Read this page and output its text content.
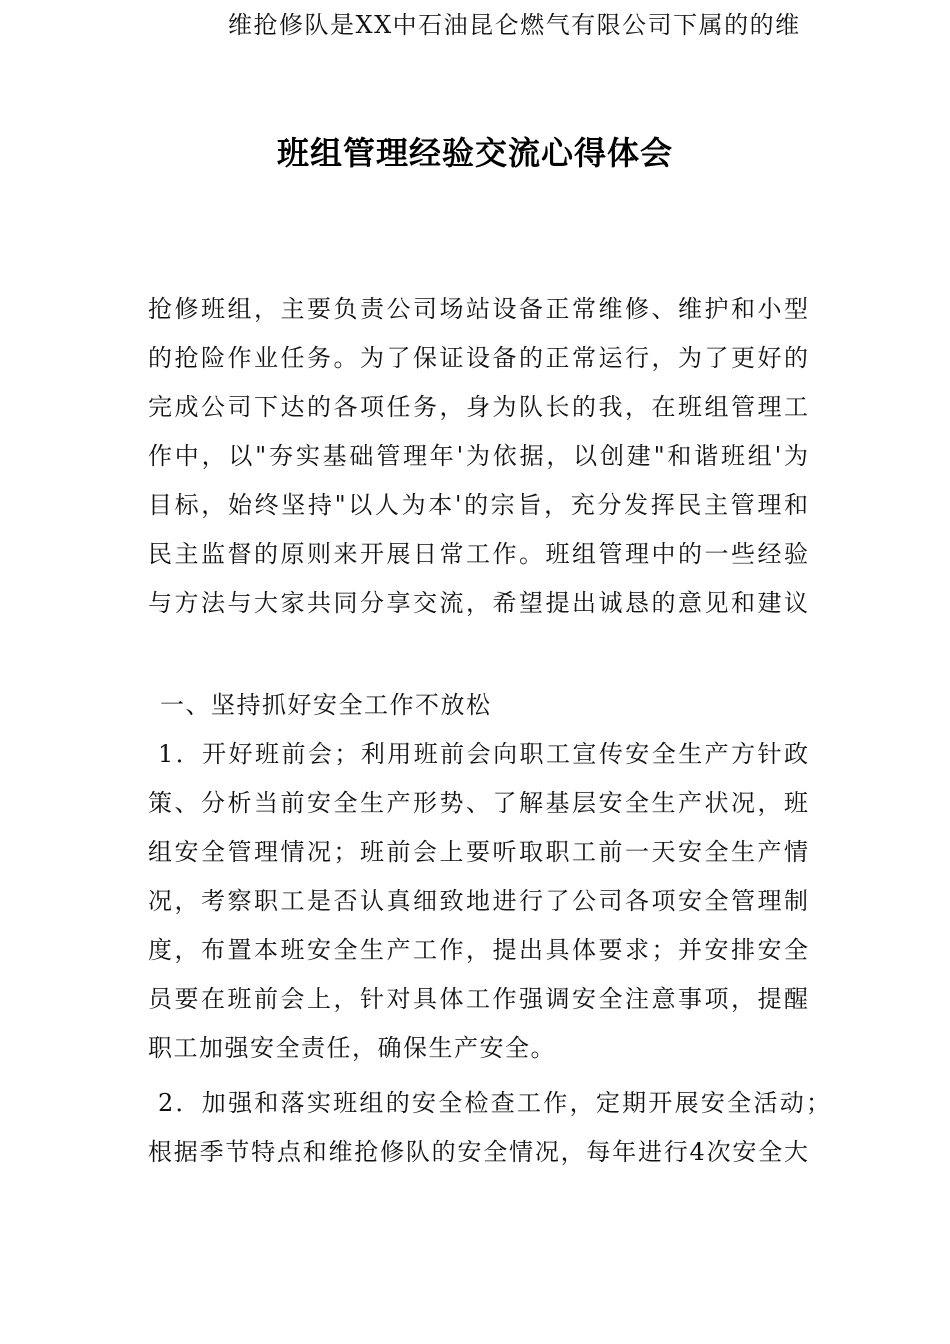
班组管理经验交流心得体会
维抢修队是XX中石油昆仑燃气有限公司下属的的维
抢修班组，主要负责公司场站设备正常维修、维护和小型
的抢险作业任务。为了保证设备的正常运行，为了更好的
完成公司下达的各项任务，身为队长的我，在班组管理工
作中，以"夯实基础管理年'为依据，以创建"和谐班组'为
目标，始终坚持"以人为本'的宗旨，充分发挥民主管理和
民主监督的原则来开展日常工作。班组管理中的一些经验
与方法与大家共同分享交流，希望提出诚恳的意见和建议
一、坚持抓好安全工作不放松
1．开好班前会；利用班前会向职工宣传安全生产方针政
策、分析当前安全生产形势、了解基层安全生产状况，班
组安全管理情况；班前会上要听取职工前一天安全生产情
况，考察职工是否认真细致地进行了公司各项安全管理制
度，布置本班安全生产工作，提出具体要求；并安排安全
员要在班前会上，针对具体工作强调安全注意事项，提醒
职工加强安全责任，确保生产安全。
2．加强和落实班组的安全检查工作，定期开展安全活动；
根据季节特点和维抢修队的安全情况，每年进行4次安全大
